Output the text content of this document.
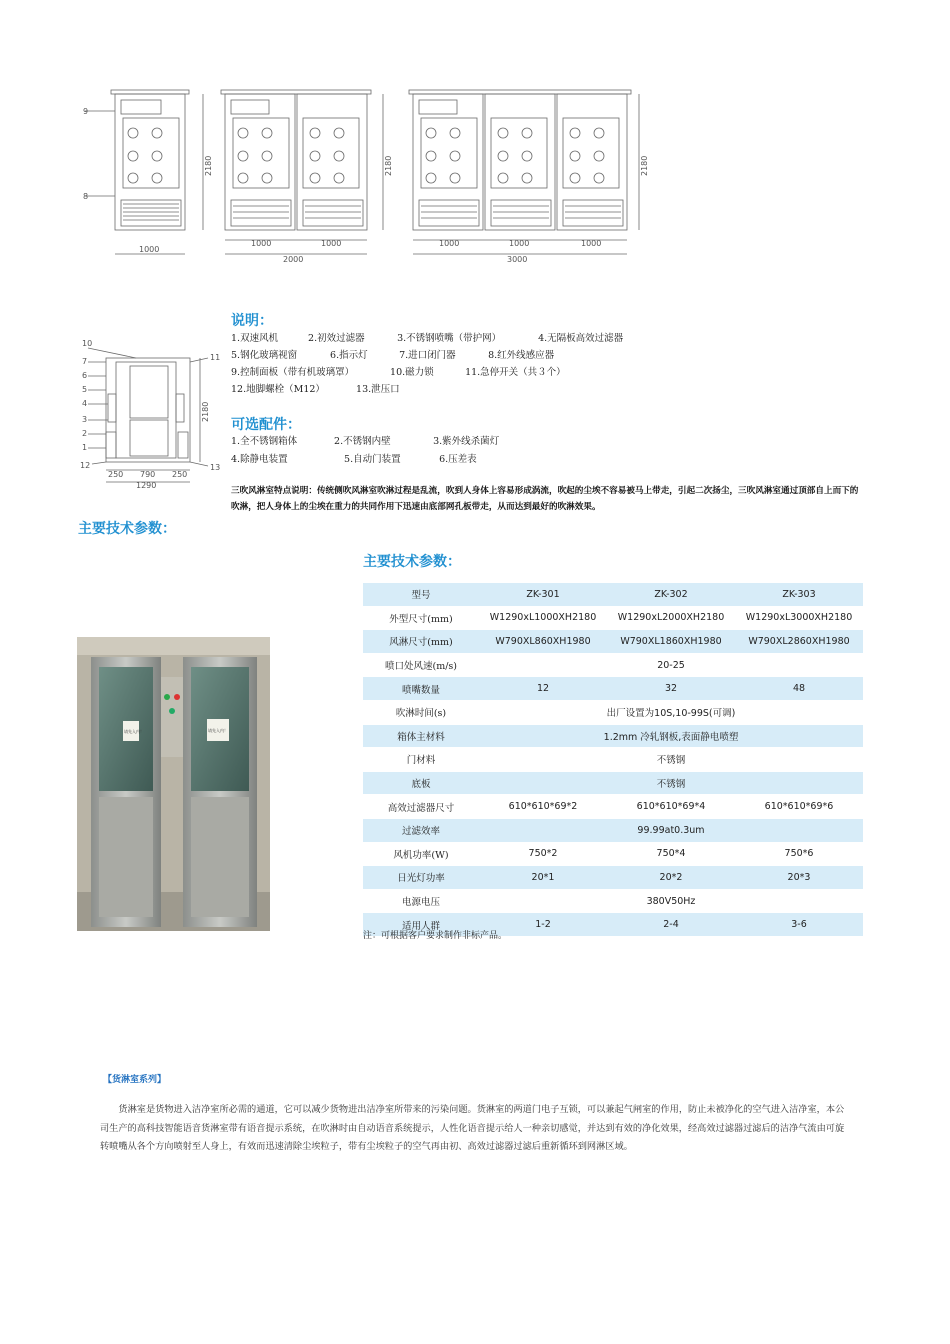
9
8
2180	2180	2180
1000
1000	1000
2000
1000	1000	1000
3000
10
7
6
5
4
3
2
1
12
11
13
2180
250 790 250
1290
说明：
1.双速风机	2.初效过滤器	3.不锈钢喷嘴（带护网）	4.无隔板高效过滤器
5.钢化玻璃视窗	6.指示灯	7.进口闭门器	8.红外线感应器
9.控制面板（带有机玻璃罩）	10.磁力锁	11.急停开关（共３个）
12.地脚螺栓（M12）	13.泄压口
可选配件：
1.全不锈钢箱体	2.不锈钢内壁	3.紫外线杀菌灯
4.除静电装置	5.自动门装置	6.压差表
三吹风淋室特点说明：传统侧吹风淋室吹淋过程是乱流，吹到人身体上容易形成涡流，吹起的尘埃不容易被马上带走，引起二次扬尘，三吹风淋室通过顶部自上而下的吹淋，把人身体上的尘埃在重力的共同作用下迅速由底部网孔板带走，从而达到最好的吹淋效果。
主要技术参数：
主要技术参数：
请先入内！	请先入内！
型号	ZK-301	ZK-302	ZK-303
外型尺寸(mm)	W1290xL1000XH2180	W1290xL2000XH2180	W1290xL3000XH2180
风淋尺寸(mm)	W790XL860XH1980	W790XL1860XH1980	W790XL2860XH1980
喷口处风速(m/s)	20-25		
喷嘴数量	12	32	48
吹淋时间(s)	出厂设置为10S,10-99S(可调)		
箱体主材料	1.2mm 冷轧钢板,表面静电喷塑		
门材料	不锈钢		
底板	不锈钢		
高效过滤器尺寸	610*610*69*2	610*610*69*4	610*610*69*6
过滤效率	99.99at0.3um		
风机功率(W)	750*2	750*4	750*6
日光灯功率	20*1	20*2	20*3
电源电压	380V50Hz		
适用人群	1-2	2-4	3-6
注：可根据客户要求制作非标产品。
【货淋室系列】
货淋室是货物进入洁净室所必需的通道，它可以减少货物进出洁净室所带来的污染问题。货淋室的两道门电子互锁，可以兼起气闸室的作用，防止未被净化的空气进入洁净室，本公司生产的高科技智能语音货淋室带有语音提示系统，在吹淋时由自动语音系统提示，人性化语音提示给人一种亲切感觉，并达到有效的净化效果，经高效过滤器过滤后的洁净气流由可旋转喷嘴从各个方向喷射至人身上，有效而迅速清除尘埃粒子，带有尘埃粒子的空气再由初、高效过滤器过滤后重新循环到网淋区域。
